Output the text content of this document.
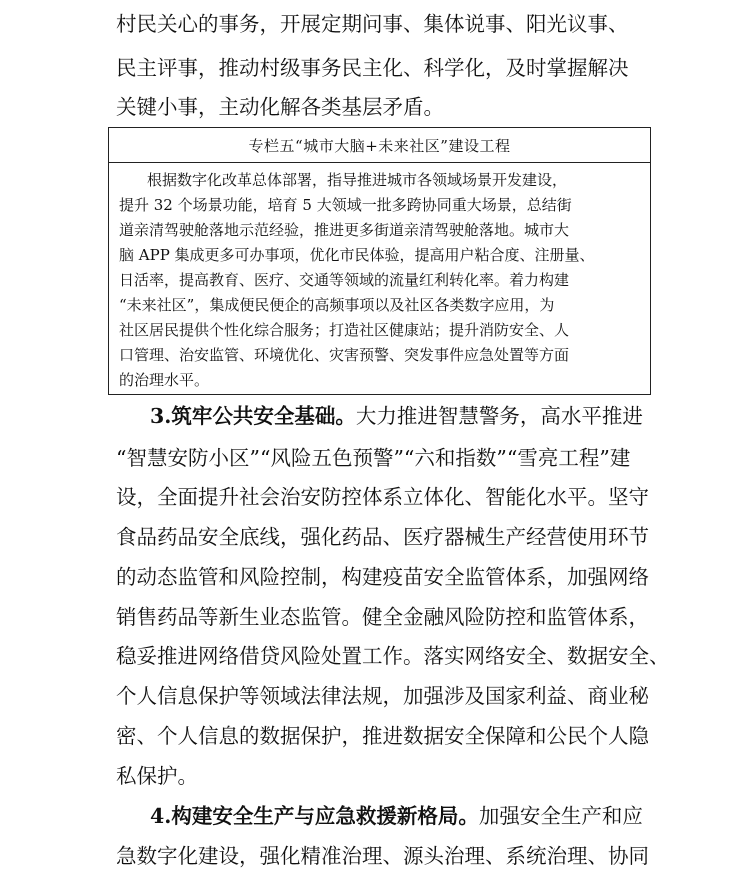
村民关心的事务，开展定期问事、集体说事、阳光议事、
民主评事，推动村级事务民主化、科学化，及时掌握解决
关键小事，主动化解各类基层矛盾。
专栏五“城市大脑+未来社区”建设工程
根据数字化改革总体部署，指导推进城市各领域场景开发建设，
提升 32 个场景功能，培育 5 大领域一批多跨协同重大场景，总结街
道亲清驾驶舱落地示范经验，推进更多街道亲清驾驶舱落地。城市大
脑 APP 集成更多可办事项，优化市民体验，提高用户粘合度、注册量、
日活率，提高教育、医疗、交通等领域的流量红利转化率。着力构建
“未来社区”，集成便民便企的高频事项以及社区各类数字应用，为
社区居民提供个性化综合服务；打造社区健康站；提升消防安全、人
口管理、治安监管、环境优化、灾害预警、突发事件应急处置等方面
的治理水平。
3.筑牢公共安全基础。大力推进智慧警务，高水平推进
“智慧安防小区”“风险五色预警”“六和指数”“雪亮工程”建
设，全面提升社会治安防控体系立体化、智能化水平。坚守
食品药品安全底线，强化药品、医疗器械生产经营使用环节
的动态监管和风险控制，构建疫苗安全监管体系，加强网络
销售药品等新生业态监管。健全金融风险防控和监管体系，
稳妥推进网络借贷风险处置工作。落实网络安全、数据安全、
个人信息保护等领域法律法规，加强涉及国家利益、商业秘
密、个人信息的数据保护，推进数据安全保障和公民个人隐
私保护。
4.构建安全生产与应急救援新格局。加强安全生产和应
急数字化建设，强化精准治理、源头治理、系统治理、协同
